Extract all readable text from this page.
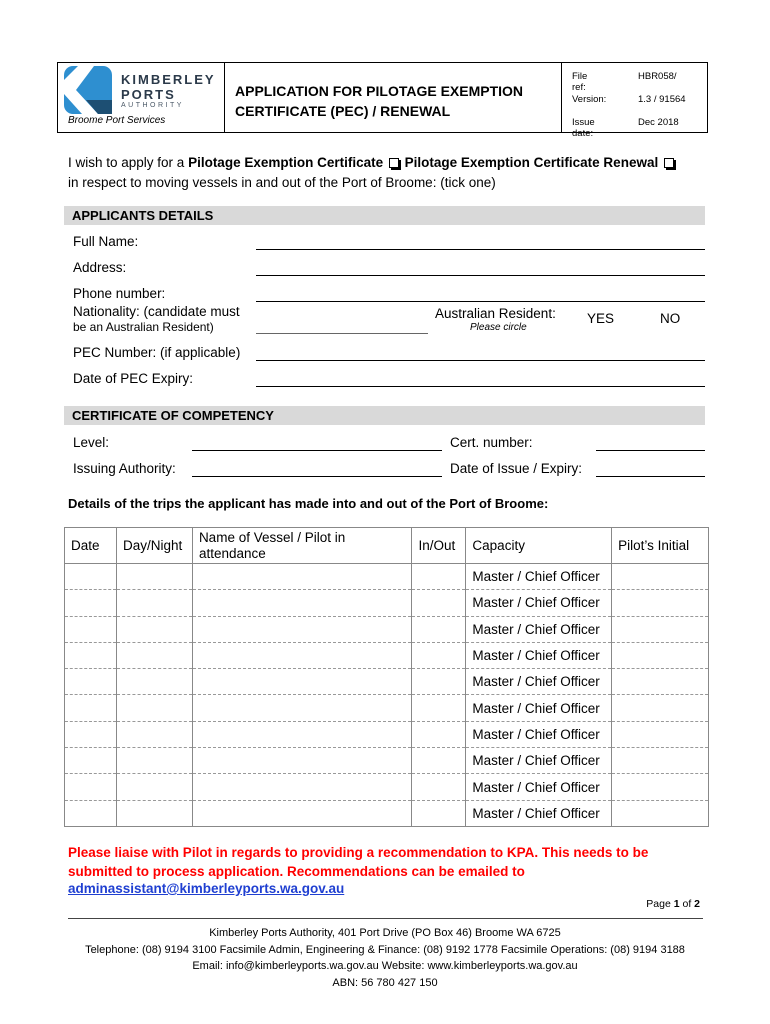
KIMBERLEY
PORTS
AUTHORITY
Broome Port Services
APPLICATION FOR PILOTAGE EXEMPTION
CERTIFICATE (PEC) / RENEWAL
File ref:
HBR058/
Version:	1.3 / 91564
Issue date:
Dec 2018
I wish to apply for a Pilotage Exemption Certificate Pilotage Exemption Certificate Renewal
in respect to moving vessels in and out of the Port of Broome: (tick one)
APPLICANTS DETAILS
Full Name:
Address:
Phone number:
Nationality: (candidate must
be an Australian Resident)
Australian Resident:
Please circle
YES	NO
PEC Number: (if applicable)
Date of PEC Expiry:
CERTIFICATE OF COMPETENCY
Level:	Cert. number:
Issuing Authority:	Date of Issue / Expiry:
Details of the trips the applicant has made into and out of the Port of Broome:
Date	Day/Night	Name of Vessel / Pilot in attendance	In/Out	Capacity	Pilot’s Initial
				Master / Chief Officer	
				Master / Chief Officer	
				Master / Chief Officer	
				Master / Chief Officer	
				Master / Chief Officer	
				Master / Chief Officer	
				Master / Chief Officer	
				Master / Chief Officer	
				Master / Chief Officer	
				Master / Chief Officer	
Please liaise with Pilot in regards to providing a recommendation to KPA. This needs to be submitted to process application. Recommendations can be emailed to
adminassistant@kimberleyports.wa.gov.au
Page 1 of 2
Kimberley Ports Authority, 401 Port Drive (PO Box 46) Broome WA 6725
Telephone: (08) 9194 3100 Facsimile Admin, Engineering & Finance: (08) 9192 1778 Facsimile Operations: (08) 9194 3188
Email: info@kimberleyports.wa.gov.au Website: www.kimberleyports.wa.gov.au
ABN: 56 780 427 150
